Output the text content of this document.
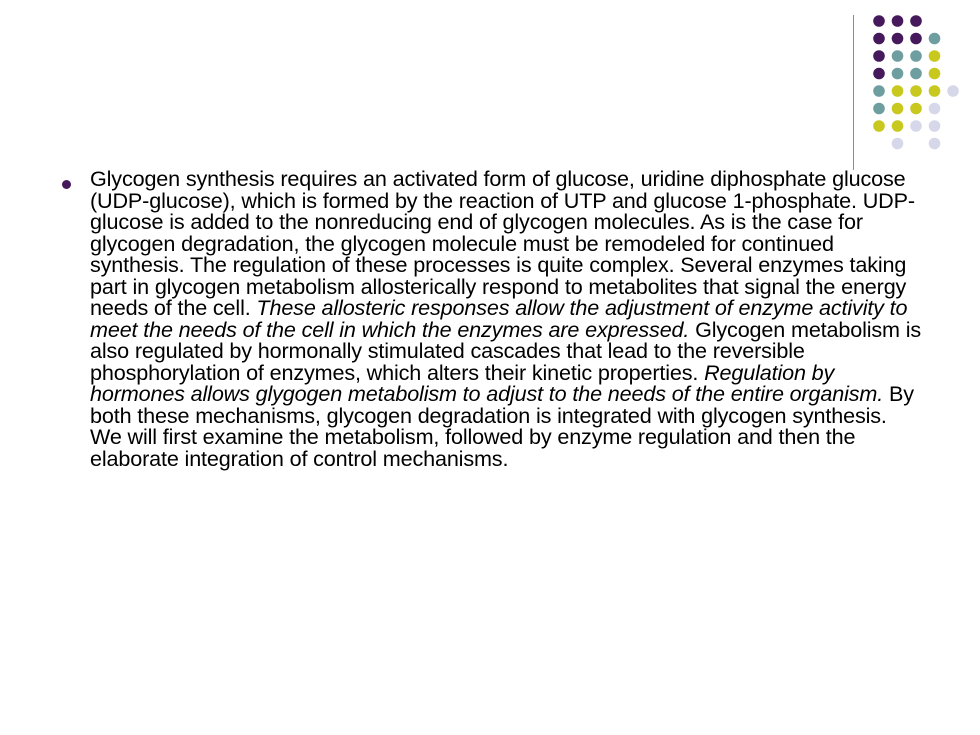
Glycogen synthesis requires an activated form of glucose, uridine diphosphate glucose (UDP-glucose), which is formed by the reaction of UTP and glucose 1-phosphate. UDP-glucose is added to the nonreducing end of glycogen molecules. As is the case for glycogen degradation, the glycogen molecule must be remodeled for continued synthesis. The regulation of these processes is quite complex. Several enzymes taking part in glycogen metabolism allosterically respond to metabolites that signal the energy needs of the cell. These allosteric responses allow the adjustment of enzyme activity to meet the needs of the cell in which the enzymes are expressed. Glycogen metabolism is also regulated by hormonally stimulated cascades that lead to the reversible phosphorylation of enzymes, which alters their kinetic properties. Regulation by hormones allows glygogen metabolism to adjust to the needs of the entire organism. By both these mechanisms, glycogen degradation is integrated with glycogen synthesis. We will first examine the metabolism, followed by enzyme regulation and then the elaborate integration of control mechanisms.
